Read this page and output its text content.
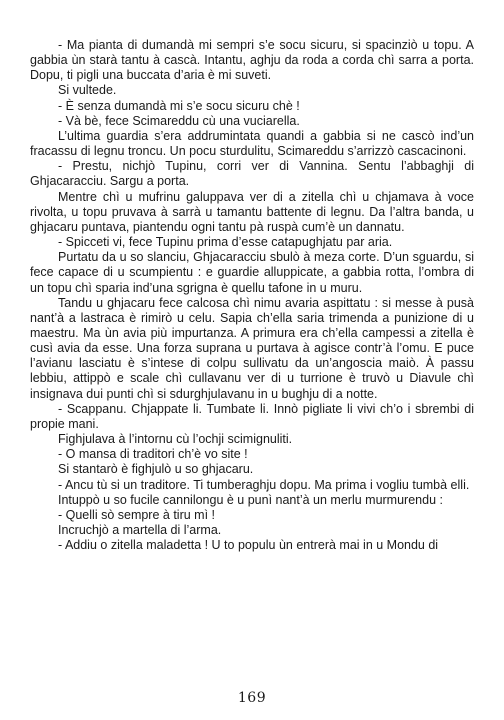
- Ma pianta di dumandà mi sempri s’e socu sicuru, si spacinziò u topu. A gabbia ùn starà tantu à cascà. Intantu, aghju da roda a corda chì sarra a porta. Dopu, ti pigli una buccata d’aria è mi suveti.

Si vultede.

- È senza dumandà mi s’e socu sicuru chè !

- Và bè, fece Scimareddu cù una vuciarella.

L’ultima guardia s’era addrumintata quandi a gabbia si ne cascò ind’un fracassu di legnu troncu. Un pocu sturdulitu, Scimareddu s’arrizzò cascacinoni.

- Prestu, nichjò Tupinu, corri ver di Vannina. Sentu l’abbaghji di Ghjacaracciu. Sargu a porta.

Mentre chì u mufrinu galuppava ver di a zitella chì u chjamava à voce rivolta, u topu pruvava à sarrà u tamantu battente di legnu. Da l’altra banda, u ghjacaru puntava, piantendu ogni tantu pà ruspà cum’è un dannatu.

- Spicceti vi, fece Tupinu prima d’esse catapughjatu par aria.

Purtatu da u so slanciu, Ghjacaracciu sbulò à meza corte. D’un sguardu, si fece capace di u scumpientu : e guardie alluppicate, a gabbia rotta, l’ombra di un topu chì sparia ind’una sgrigna è quellu tafone in u muru.

Tandu u ghjacaru fece calcosa chì nimu avaria aspittatu : si messe à pusà nant’à a lastraca è rimirò u celu. Sapia ch’ella saria trimenda a punizione di u maestru. Ma ùn avia più impurtanza. A primura era ch’ella campessi a zitella è cusì avia da esse. Una forza suprana u purtava à agisce contr’à l’omu. E puce l’avianu lasciatu è s’intese di colpu sullivatu da un’angoscia maiò. À passu lebbiu, attippò e scale chì cullavanu ver di u turrione è truvò u Diavule chì insignava dui punti chì si sdurghjulavanu in u bughju di a notte.

- Scappanu. Chjappate li. Tumbate li. Innò pigliate li vivi ch’o i sbrembi di propie mani.

Fighjulava à l’intornu cù l’ochji scimignuliti.

- O mansa di traditori ch’è vo site !

Si stantarò è fighjulò u so ghjacaru.

- Ancu tù si un traditore. Ti tumberaghju dopu. Ma prima i vogliu tumbà elli.

Intuppò u so fucile cannilongu è u punì nant’à un merlu murmurendu :

- Quelli sò sempre à tiru mì !

Incruchjò a martella di l’arma.

- Addiu o zitella maladetta ! U to populu ùn entrerà mai in u Mondu di

169
